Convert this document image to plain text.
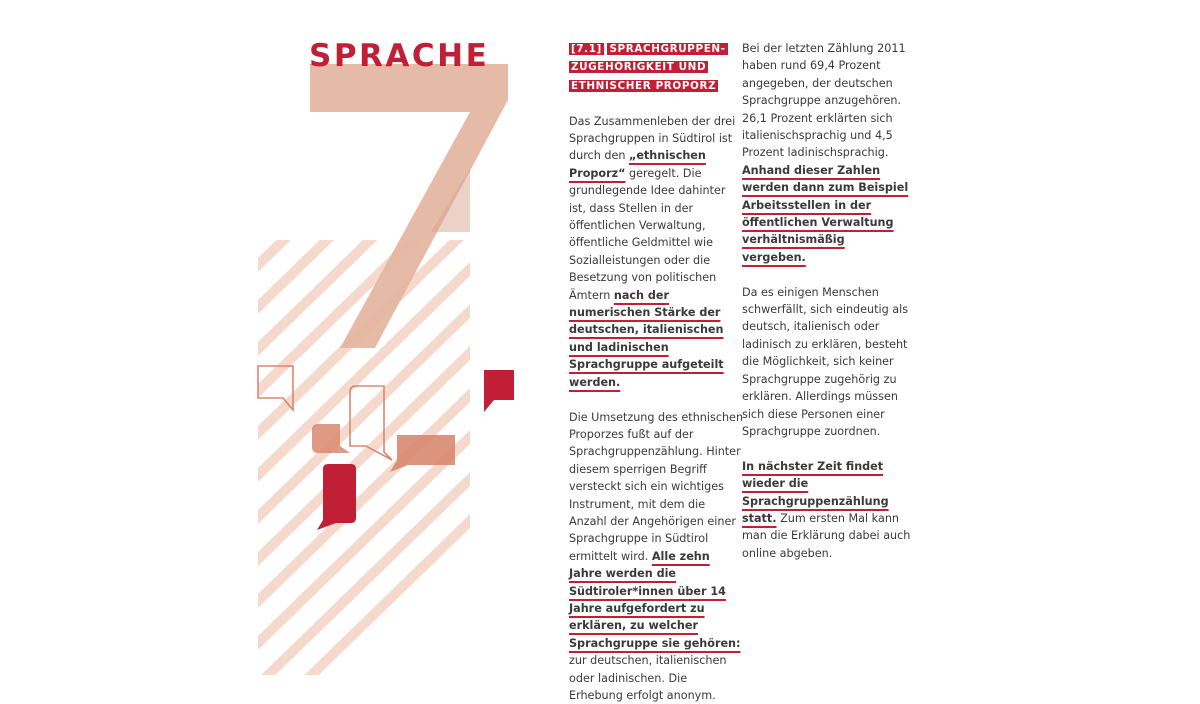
SPRACHE	[7.1] SPRACHGRUPPEN-ZUGEHÖRIGKEIT UND ETHNISCHER PROPORZ

Das Zusammenleben der drei Sprachgruppen in Südtirol ist durch den „ethnischen Proporz“ geregelt. Die grundlegende Idee dahinter ist, dass Stellen in der öffentlichen Verwaltung, öffentliche Geldmittel wie Sozialleistungen oder die Besetzung von politischen Ämtern nach der numerischen Stärke der deutschen, italienischen und ladinischen Sprachgruppe aufgeteilt werden.

Die Umsetzung des ethnischen Proporzes fußt auf der Sprachgruppenzählung. Hinter diesem sperrigen Begriff versteckt sich ein wichtiges Instrument, mit dem die Anzahl der Angehörigen einer Sprachgruppe in Südtirol ermittelt wird. Alle zehn Jahre werden die Südtiroler*innen über 14 Jahre aufgefordert zu erklären, zu welcher Sprachgruppe sie gehören: zur deutschen, italienischen oder ladinischen. Die Erhebung erfolgt anonym.

Bei der letzten Zählung 2011 haben rund 69,4 Prozent angegeben, der deutschen Sprachgruppe anzugehören. 26,1 Prozent erklärten sich italienischsprachig und 4,5 Prozent ladinischsprachig. Anhand dieser Zahlen werden dann zum Beispiel Arbeitsstellen in der öffentlichen Verwaltung verhältnismäßig vergeben.

Da es einigen Menschen schwerfällt, sich eindeutig als deutsch, italienisch oder ladinisch zu erklären, besteht die Möglichkeit, sich keiner Sprachgruppe zugehörig zu erklären. Allerdings müssen sich diese Personen einer Sprachgruppe zuordnen.

In nächster Zeit findet wieder die Sprachgruppenzählung statt. Zum ersten Mal kann man die Erklärung dabei auch online abgeben.
